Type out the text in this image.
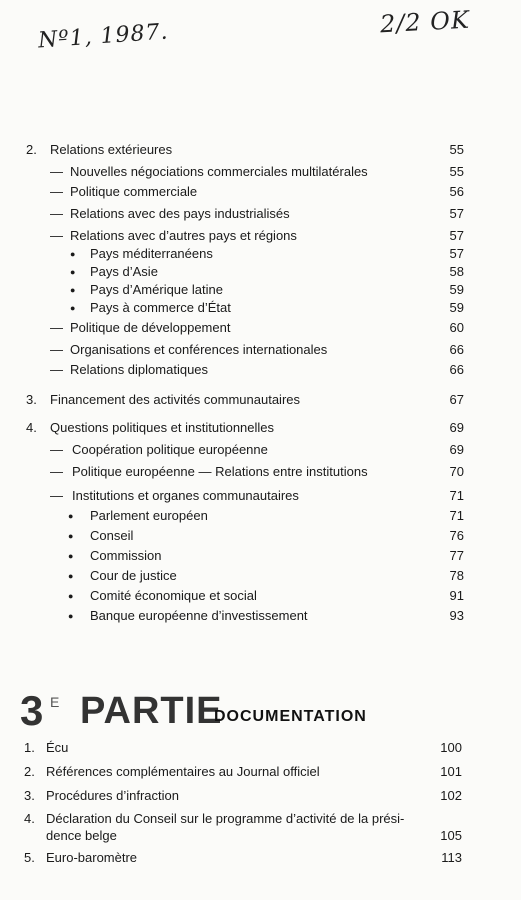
Nº1, 1987.	2/2 OK
2.	Relations extérieures	55
— Nouvelles négociations commerciales multilatérales	55
— Politique commerciale	56
— Relations avec des pays industrialisés	57
— Relations avec d’autres pays et régions	57
● Pays méditerranéens	57
● Pays d’Asie	58
● Pays d’Amérique latine	59
● Pays à commerce d’État	59
— Politique de développement	60
— Organisations et conférences internationales	66
— Relations diplomatiques	66
3.	Financement des activités communautaires	67
4.	Questions politiques et institutionnelles	69
— Coopération politique européenne	69
— Politique européenne — Relations entre institutions	70
— Institutions et organes communautaires	71
● Parlement européen	71
● Conseil	76
● Commission	77
● Cour de justice	78
● Comité économique et social	91
● Banque européenne d’investissement	93
3 E PARTIE
DOCUMENTATION
1. Écu	100
2. Références complémentaires au Journal officiel	101
3. Procédures d’infraction	102
4. Déclaration du Conseil sur le programme d’activité de la prési-
dence belge	105
5. Euro-baromètre	113
